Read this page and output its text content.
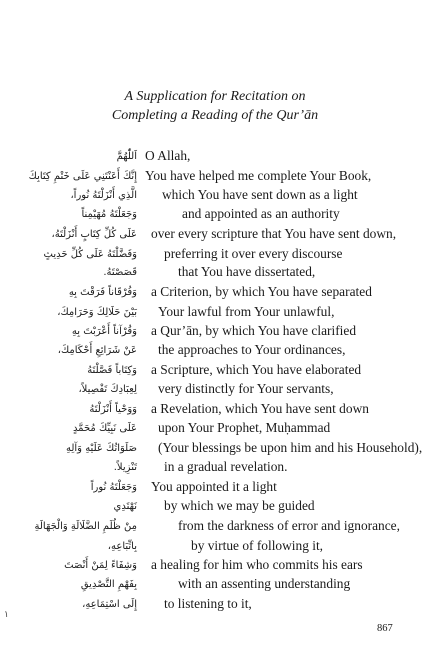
A Supplication for Recitation on
Completing a Reading of the Qur’ān
اَللّٰهُمَّ
إِنَّكَ أَعَنْتَنِي عَلَى خَتْمِ كِتَابِكَ
الَّذِي أَنْزَلْتَهُ نُوراً،
وَجَعَلْتَهُ مُهَيْمِناً
عَلَى كُلِّ كِتَابٍ أَنْزَلْتَهُ،
وَفَضَّلْتَهُ عَلَى كُلِّ حَدِيثٍ
قَصَصْتَهُ.
وَفُرْقَاناً فَرَقْتَ بِهِ
بَيْنَ حَلَالِكَ وَحَرَامِكَ،
وَقُرْآناً أَعْرَبْتَ بِهِ
عَنْ شَرَائِعِ أَحْكَامِكَ،
وَكِتَاباً فَصَّلْتَهُ
لِعِبَادِكَ تَفْصِيلاً،
وَوَحْياً أَنْزَلْتَهُ
عَلَى نَبِيِّكَ مُحَمَّدٍ
صَلَوَاتُكَ عَلَيْهِ وَآلِهِ
تَنْزِيلاً.
وَجَعَلْتَهُ نُوراً
نَهْتَدِي
مِنْ ظُلَمِ الضَّلَالَةِ وَالْجَهَالَةِ
بِاتِّبَاعِهِ،
وَشِفَاءً لِمَنْ أَنْصَتَ
بِفَهْمِ التَّصْدِيقِ
إِلَى اسْتِمَاعِهِ،
O Allah,
You have helped me complete Your Book,
which You have sent down as a light
and appointed as an authority
over every scripture that You have sent down,
preferring it over every discourse
that You have dissertated,
a Criterion, by which You have separated
Your lawful from Your unlawful,
a Qur’ān, by which You have clarified
the approaches to Your ordinances,
a Scripture, which You have elaborated
very distinctly for Your servants,
a Revelation, which You have sent down
upon Your Prophet, Muḥammad
(Your blessings be upon him and his Household),
in a gradual revelation.
You appointed it a light
by which we may be guided
from the darkness of error and ignorance,
by virtue of following it,
a healing for him who commits his ears
with an assenting understanding
to listening to it,
١
867
